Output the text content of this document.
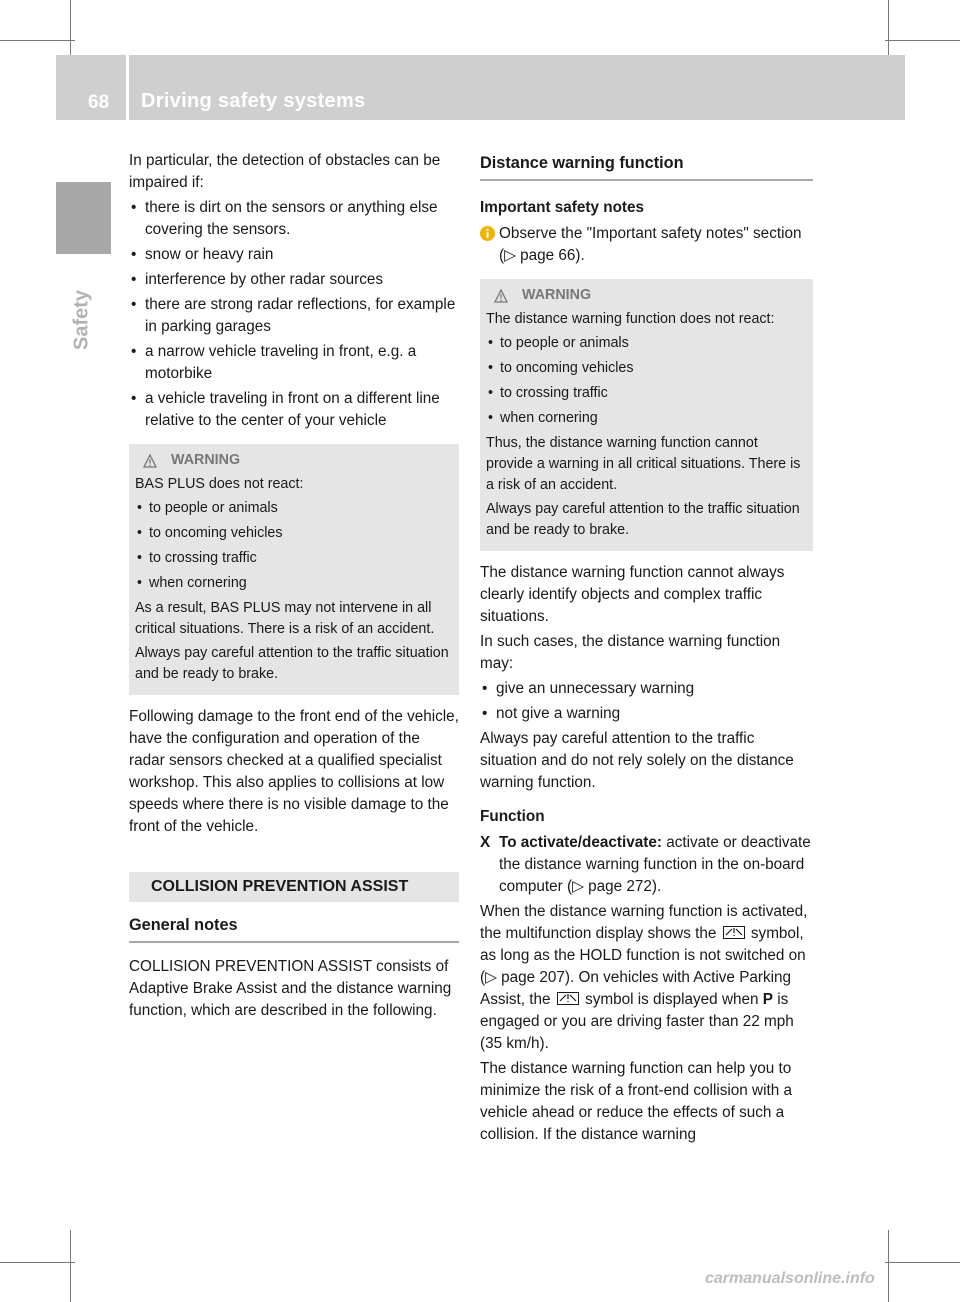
68 Driving safety systems
Safety

In particular, the detection of obstacles can be impaired if:

• there is dirt on the sensors or anything else covering the sensors.
• snow or heavy rain
• interference by other radar sources
• there are strong radar reflections, for example in parking garages
• a narrow vehicle traveling in front, e.g. a motorbike
• a vehicle traveling in front on a different line relative to the center of your vehicle
WARNING

BAS PLUS does not react:

• to people or animals
• to oncoming vehicles
• to crossing traffic
• when cornering

As a result, BAS PLUS may not intervene in all critical situations. There is a risk of an accident.

Always pay careful attention to the traffic situation and be ready to brake.

Following damage to the front end of the vehicle, have the configuration and operation of the radar sensors checked at a qualified specialist workshop. This also applies to collisions at low speeds where there is no visible damage to the front of the vehicle.

COLLISION PREVENTION ASSIST
General notes

COLLISION PREVENTION ASSIST consists of Adaptive Brake Assist and the distance warning function, which are described in the following.

Distance warning function

Important safety notes

Observe the "Important safety notes" section (▷ page 66).
WARNING

The distance warning function does not react:

• to people or animals
• to oncoming vehicles
• to crossing traffic
• when cornering

Thus, the distance warning function cannot provide a warning in all critical situations. There is a risk of an accident.

Always pay careful attention to the traffic situation and be ready to brake.

The distance warning function cannot always clearly identify objects and complex traffic situations.

In such cases, the distance warning function may:

• give an unnecessary warning
• not give a warning

Always pay careful attention to the traffic situation and do not rely solely on the distance warning function.

Function

X To activate/deactivate: activate or deactivate the distance warning function in the on-board computer (▷ page 272).

When the distance warning function is activated, the multifunction display shows the symbol, as long as the HOLD function is not switched on (▷ page 207). On vehicles with Active Parking Assist, the symbol is displayed when P is engaged or you are driving faster than 22 mph (35 km/h).

The distance warning function can help you to minimize the risk of a front-end collision with a vehicle ahead or reduce the effects of such a collision. If the distance warning

carmanualsonline.info
